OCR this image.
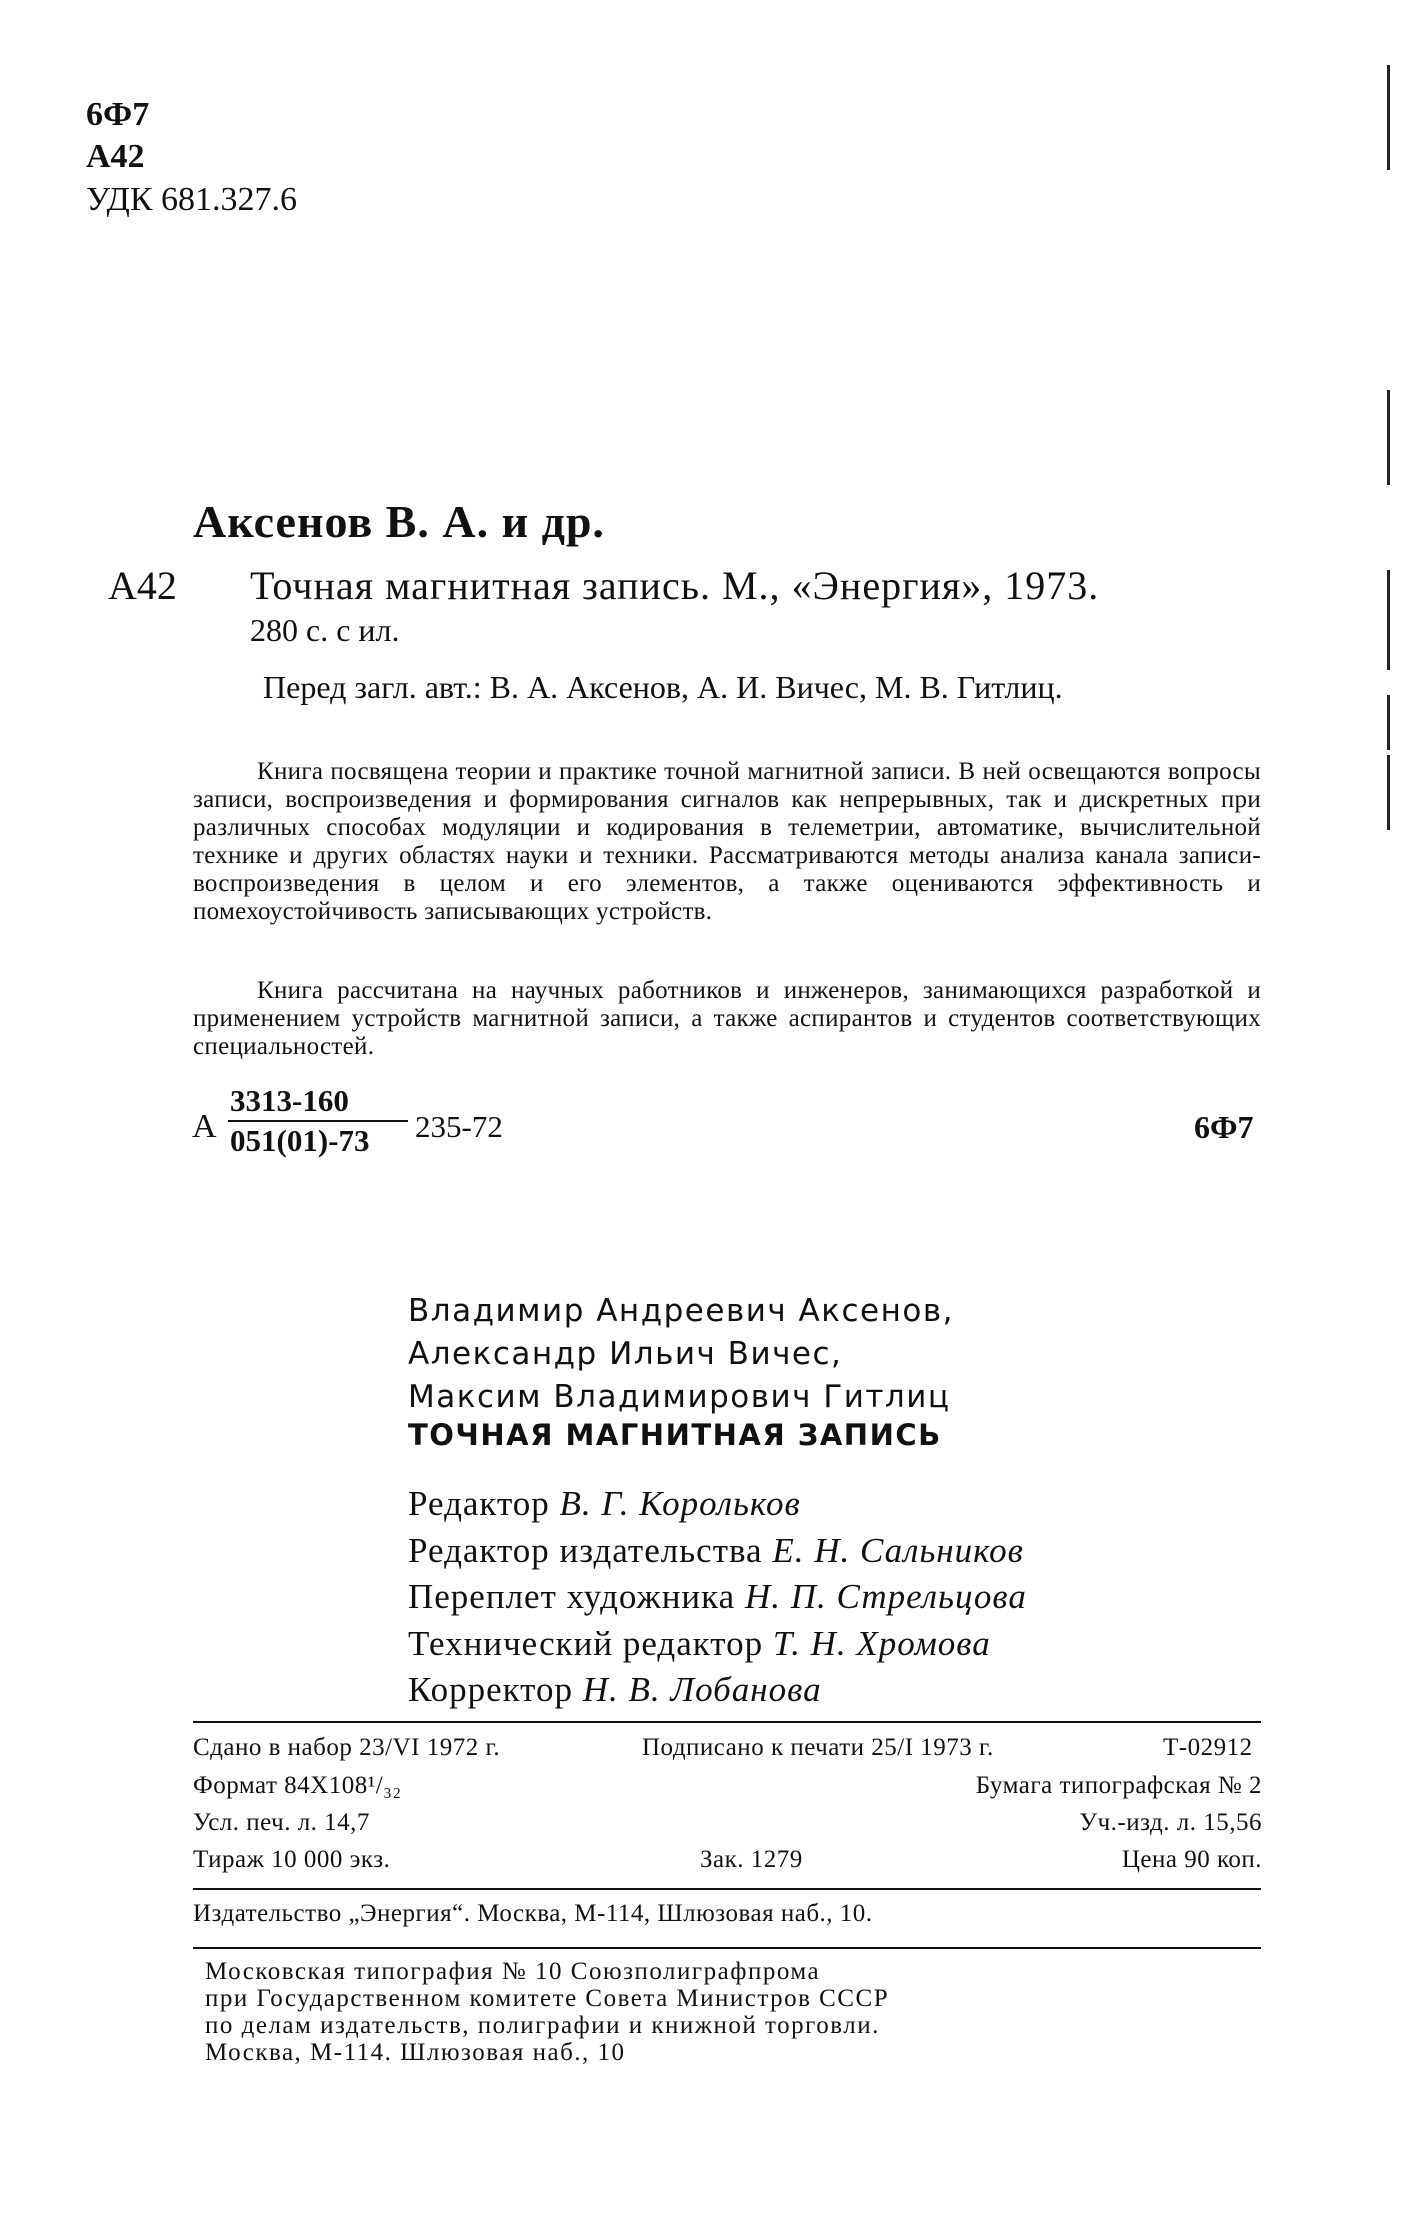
6Ф7
А42
УДК 681.327.6
Аксенов В. А. и др.
А42 Точная магнитная запись. М., «Энергия», 1973.
280 с. с ил.
Перед загл. авт.: В. А. Аксенов, А. И. Вичес, М. В. Гитлиц.

Книга посвящена теории и практике точной магнитной записи. В ней освещаются вопросы записи, воспроизведения и формирования сигналов как непрерывных, так и дискретных при различных способах модуляции и кодирования в телеметрии, автоматике, вычислительной технике и других областях науки и техники. Рассматриваются методы анализа канала записи-воспроизведения в целом и его элементов, а также оцениваются эффективность и помехоустойчивость записывающих устройств.

Книга рассчитана на научных работников и инженеров, занимающихся разработкой и применением устройств магнитной записи, а также аспирантов и студентов соответствующих специальностей.

А
3313-160
051(01)-73 235-72	6Ф7
Владимир Андреевич Аксенов,
Александр Ильич Вичес,
Максим Владимирович Гитлиц
ТОЧНАЯ МАГНИТНАЯ ЗАПИСЬ
Редактор В. Г. Корольков
Редактор издательства Е. Н. Сальников
Переплет художника Н. П. Стрельцова
Технический редактор Т. Н. Хромова
Корректор Н. В. Лобанова
Сдано в набор 23/VI 1972 г.	Подписано к печати 25/I 1973 г.	Т-02912
Формат 84Х108¹/₃₂	Бумага типографская № 2
Усл. печ. л. 14,7	Уч.-изд. л. 15,56
Тираж 10 000 экз.	Зак. 1279	Цена 90 коп.
Издательство „Энергия“. Москва, М-114, Шлюзовая наб., 10.
Московская типография № 10 Союзполиграфпрома
при Государственном комитете Совета Министров СССР
по делам издательств, полиграфии и книжной торговли.
Москва, М-114. Шлюзовая наб., 10
